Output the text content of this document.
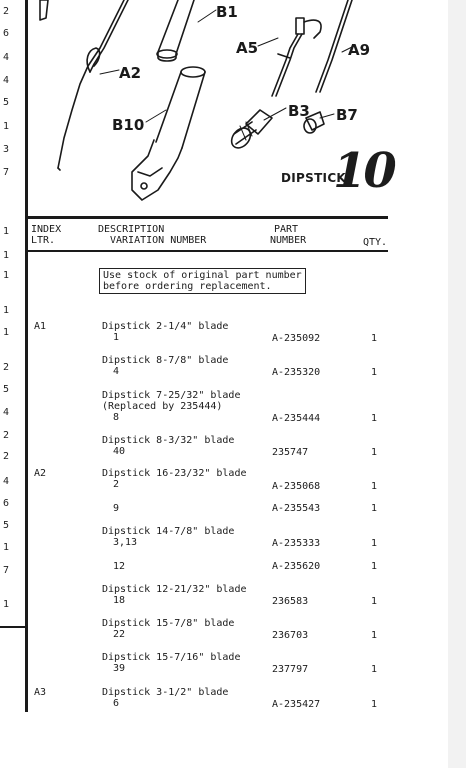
2
6
4
4
5
1
3
7
1
1
1
1
1
2
5
4
2
2
4
6
5
1
7
1
B1
A5	A9
A2
B10
B3 B7
DIPSTICK
10
INDEX
LTR.
DESCRIPTION
VARIATION NUMBER
PART
NUMBER	QTY.
Use stock of original part number
before ordering replacement.
A1	Dipstick 2-1/4" blade
1	A-235092	1
Dipstick 8-7/8" blade
4	A-235320	1
Dipstick 7-25/32" blade
(Replaced by 235444)
8	A-235444	1
Dipstick 8-3/32" blade
40	235747	1
A2	Dipstick 16-23/32" blade
2	A-235068	1
9	A-235543	1
Dipstick 14-7/8" blade
3,13	A-235333	1
12	A-235620	1
Dipstick 12-21/32" blade
18	236583	1
Dipstick 15-7/8" blade
22	236703	1
Dipstick 15-7/16" blade
39	237797	1
A3	Dipstick 3-1/2" blade
6	A-235427	1
